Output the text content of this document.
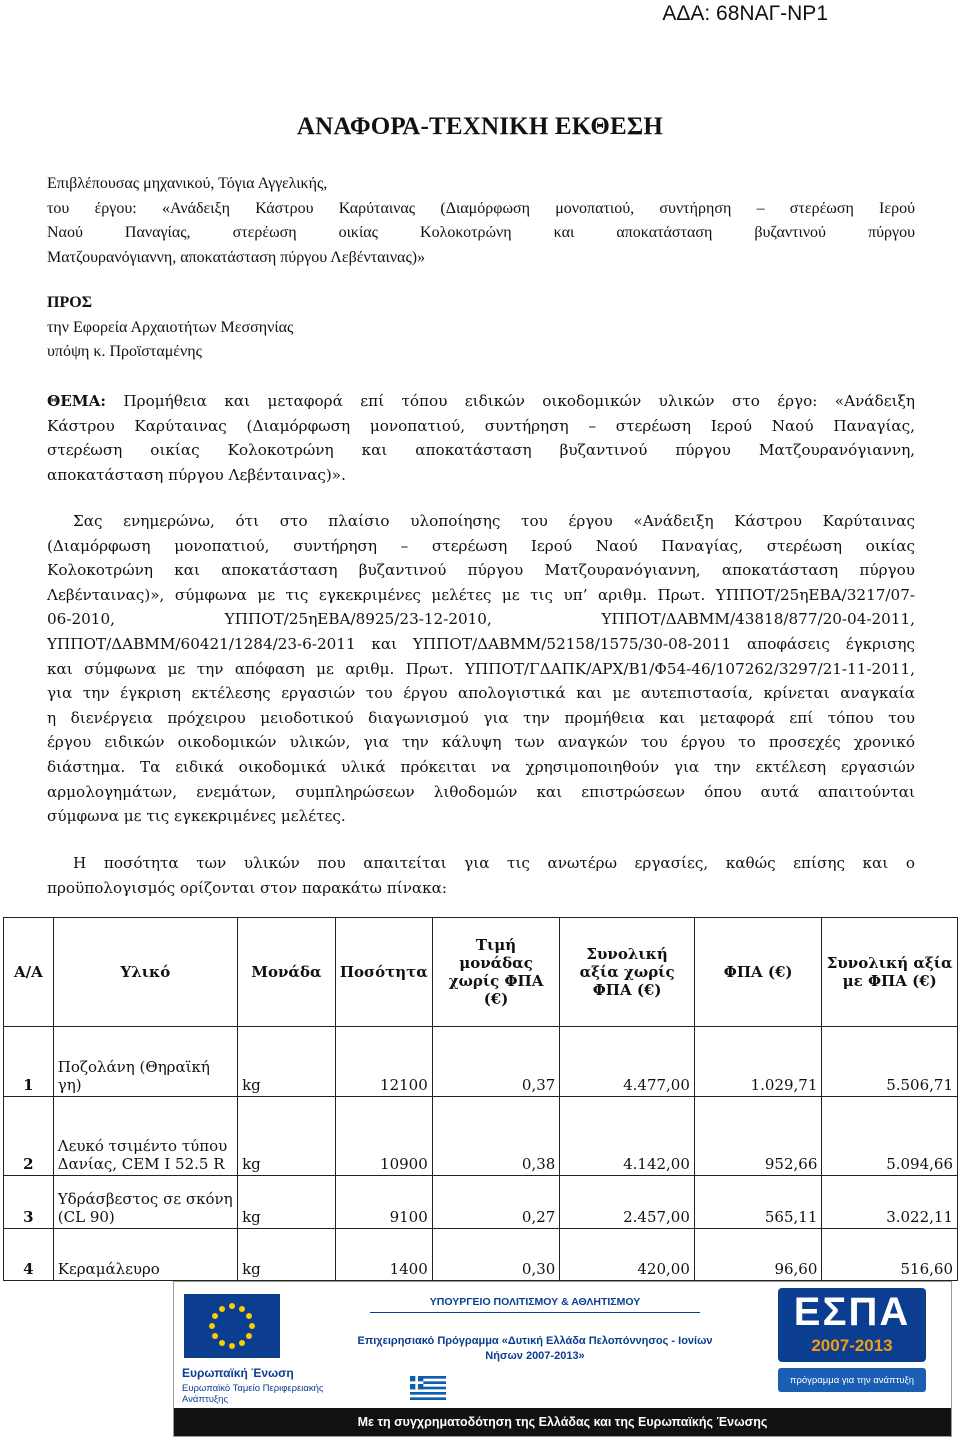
ΑΔΑ: 68ΝΑΓ-ΝΡ1
ΑΝΑΦΟΡΑ-ΤΕΧΝΙΚΗ ΕΚΘΕΣΗ
Επιβλέπουσας μηχανικού, Τόγια Αγγελικής,
του έργου: «Ανάδειξη Κάστρου Καρύταινας (Διαμόρφωση μονοπατιού, συντήρηση – στερέωση Ιερού
Ναού Παναγίας, στερέωση οικίας Κολοκοτρώνη και αποκατάσταση βυζαντινού πύργου
Ματζουρανόγιαννη, αποκατάσταση πύργου Λεβένταινας)»
ΠΡΟΣ
την Εφορεία Αρχαιοτήτων Μεσσηνίας
υπόψη κ. Προϊσταμένης
ΘΕΜΑ: Προμήθεια και μεταφορά επί τόπου ειδικών οικοδομικών υλικών στο έργο: «Ανάδειξη
Κάστρου Καρύταινας (Διαμόρφωση μονοπατιού, συντήρηση – στερέωση Ιερού Ναού Παναγίας,
στερέωση οικίας Κολοκοτρώνη και αποκατάσταση βυζαντινού πύργου Ματζουρανόγιαννη,
αποκατάσταση πύργου Λεβένταινας)».
Σας ενημερώνω, ότι στο πλαίσιο υλοποίησης του έργου «Ανάδειξη Κάστρου Καρύταινας
(Διαμόρφωση μονοπατιού, συντήρηση – στερέωση Ιερού Ναού Παναγίας, στερέωση οικίας
Κολοκοτρώνη και αποκατάσταση βυζαντινού πύργου Ματζουρανόγιαννη, αποκατάσταση πύργου
Λεβένταινας)», σύμφωνα με τις εγκεκριμένες μελέτες με τις υπ’ αριθμ. Πρωτ. ΥΠΠΟΤ/25ηΕΒΑ/3217/07-
06-2010, ΥΠΠΟΤ/25ηΕΒΑ/8925/23-12-2010, ΥΠΠΟΤ/ΔΑΒΜΜ/43818/877/20-04-2011,
ΥΠΠΟΤ/ΔΑΒΜΜ/60421/1284/23-6-2011 και ΥΠΠΟΤ/ΔΑΒΜΜ/52158/1575/30-08-2011 αποφάσεις έγκρισης
και σύμφωνα με την απόφαση με αριθμ. Πρωτ. ΥΠΠΟΤ/ΓΔΑΠΚ/ΑΡΧ/Β1/Φ54-46/107262/3297/21-11-2011,
για την έγκριση εκτέλεσης εργασιών του έργου απολογιστικά και με αυτεπιστασία, κρίνεται αναγκαία
η διενέργεια πρόχειρου μειοδοτικού διαγωνισμού για την προμήθεια και μεταφορά επί τόπου του
έργου ειδικών οικοδομικών υλικών, για την κάλυψη των αναγκών του έργου το προσεχές χρονικό
διάστημα. Τα ειδικά οικοδομικά υλικά πρόκειται να χρησιμοποιηθούν για την εκτέλεση εργασιών
αρμολογημάτων, ενεμάτων, συμπληρώσεων λιθοδομών και επιστρώσεων όπου αυτά απαιτούνται
σύμφωνα με τις εγκεκριμένες μελέτες.
Η ποσότητα των υλικών που απαιτείται για τις ανωτέρω εργασίες, καθώς επίσης και ο
προϋπολογισμός ορίζονται στον παρακάτω πίνακα:
Α/Α	Υλικό	Μονάδα	Ποσότητα	Τιμή μονάδας χωρίς ΦΠΑ (€)	Συνολική αξία χωρίς ΦΠΑ (€)	ΦΠΑ (€)	Συνολική αξία με ΦΠΑ (€)
1	Ποζολάνη (Θηραϊκή γη)	kg	12100	0,37	4.477,00	1.029,71	5.506,71
2	Λευκό τσιμέντο τύπου Δανίας, CEM I 52.5 R	kg	10900	0,38	4.142,00	952,66	5.094,66
3	Υδράσβεστος σε σκόνη (CL 90)	kg	9100	0,27	2.457,00	565,11	3.022,11
4	Κεραμάλευρο	kg	1400	0,30	420,00	96,60	516,60
Ευρωπαϊκή Ένωση
Ευρωπαϊκό Ταμείο Περιφερειακής Ανάπτυξης
ΥΠΟΥΡΓΕΙΟ ΠΟΛΙΤΙΣΜΟΥ & ΑΘΛΗΤΙΣΜΟΥ
Επιχειρησιακό Πρόγραμμα «Δυτική Ελλάδα Πελοπόννησος - Ιονίων Νήσων 2007-2013»
ΕΣΠΑ
2007-2013
πρόγραμμα για την ανάπτυξη
Με τη συγχρηματοδότηση της Ελλάδας και της Ευρωπαϊκής Ένωσης
